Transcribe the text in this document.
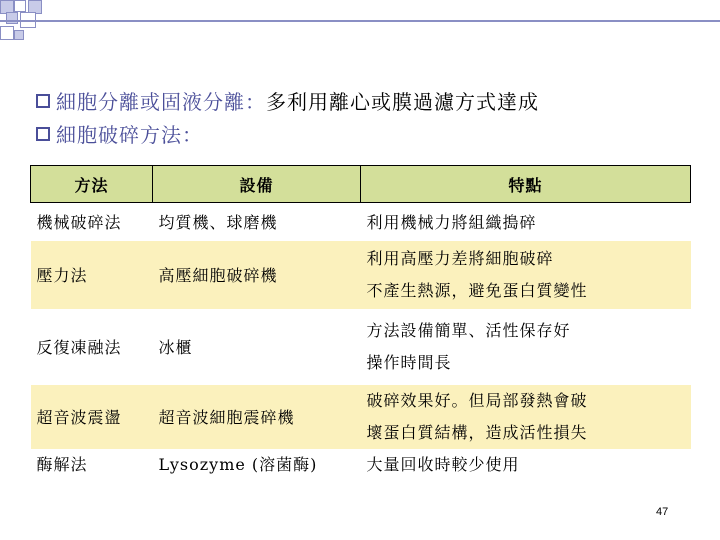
細胞分離或固液分離： 多利用離心或膜過濾方式達成
細胞破碎方法：
方法	設備	特點
機械破碎法	均質機、球磨機	利用機械力將組織搗碎
壓力法	高壓細胞破碎機	利用高壓力差將細胞破碎
不產生熱源，避免蛋白質變性

反復凍融法	冰櫃	方法設備簡單、活性保存好
操作時間長

超音波震盪	超音波細胞震碎機	破碎效果好。但局部發熱會破
壞蛋白質結構，造成活性損失

酶解法	Lysozyme (溶菌酶)	大量回收時較少使用
47
